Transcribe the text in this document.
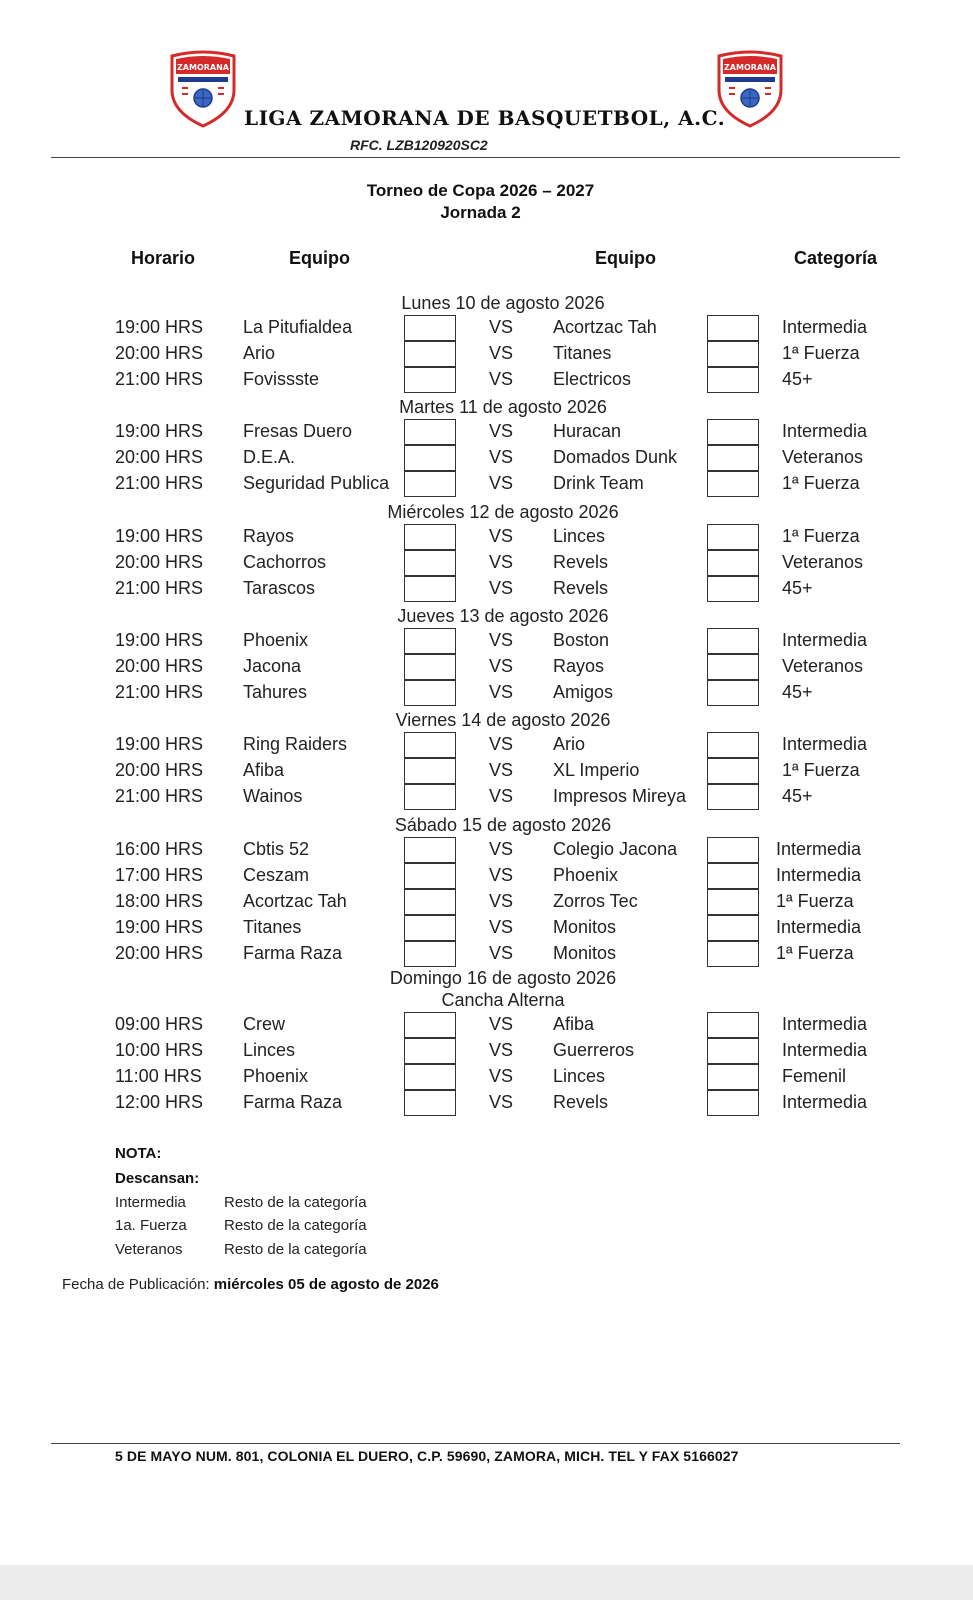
ZAMORANA	ZAMORANA
LIGA ZAMORANA DE BASQUETBOL, A.C.
RFC. LZB120920SC2
Torneo de Copa 2026 – 2027
Jornada 2
Horario	Equipo	Equipo	Categoría
Lunes 10 de agosto 2026
19:00 HRS La Pitufialdea	VS Acortzac Tah	Intermedia
20:00 HRS Ario	VS Titanes	1ª Fuerza
21:00 HRS Fovissste	VS Electricos	45+
Martes 11 de agosto 2026
19:00 HRS Fresas Duero	VS Huracan	Intermedia
20:00 HRS D.E.A.	VS Domados Dunk	Veteranos
21:00 HRS Seguridad Publica	VS Drink Team	1ª Fuerza
Miércoles 12 de agosto 2026
19:00 HRS Rayos	VS Linces	1ª Fuerza
20:00 HRS Cachorros	VS Revels	Veteranos
21:00 HRS Tarascos	VS Revels	45+
Jueves 13 de agosto 2026
19:00 HRS Phoenix	VS Boston	Intermedia
20:00 HRS Jacona	VS Rayos	Veteranos
21:00 HRS Tahures	VS Amigos	45+
Viernes 14 de agosto 2026
19:00 HRS Ring Raiders	VS Ario	Intermedia
20:00 HRS Afiba	VS XL Imperio	1ª Fuerza
21:00 HRS Wainos	VS Impresos Mireya	45+
Sábado 15 de agosto 2026
16:00 HRS Cbtis 52	VS Colegio Jacona	Intermedia
17:00 HRS Ceszam	VS Phoenix	Intermedia
18:00 HRS Acortzac Tah	VS Zorros Tec	1ª Fuerza
19:00 HRS Titanes	VS Monitos	Intermedia
20:00 HRS Farma Raza	VS Monitos	1ª Fuerza
Domingo 16 de agosto 2026
Cancha Alterna
09:00 HRS Crew	VS Afiba	Intermedia
10:00 HRS Linces	VS Guerreros	Intermedia
11:00 HRS Phoenix	VS Linces	Femenil
12:00 HRS Farma Raza	VS Revels	Intermedia
NOTA:
Descansan:
Intermedia	Resto de la categoría
1a. Fuerza Resto de la categoría
Veteranos	Resto de la categoría
Fecha de Publicación: miércoles 05 de agosto de 2026
5 DE MAYO NUM. 801, COLONIA EL DUERO, C.P. 59690, ZAMORA, MICH. TEL Y FAX 5166027
